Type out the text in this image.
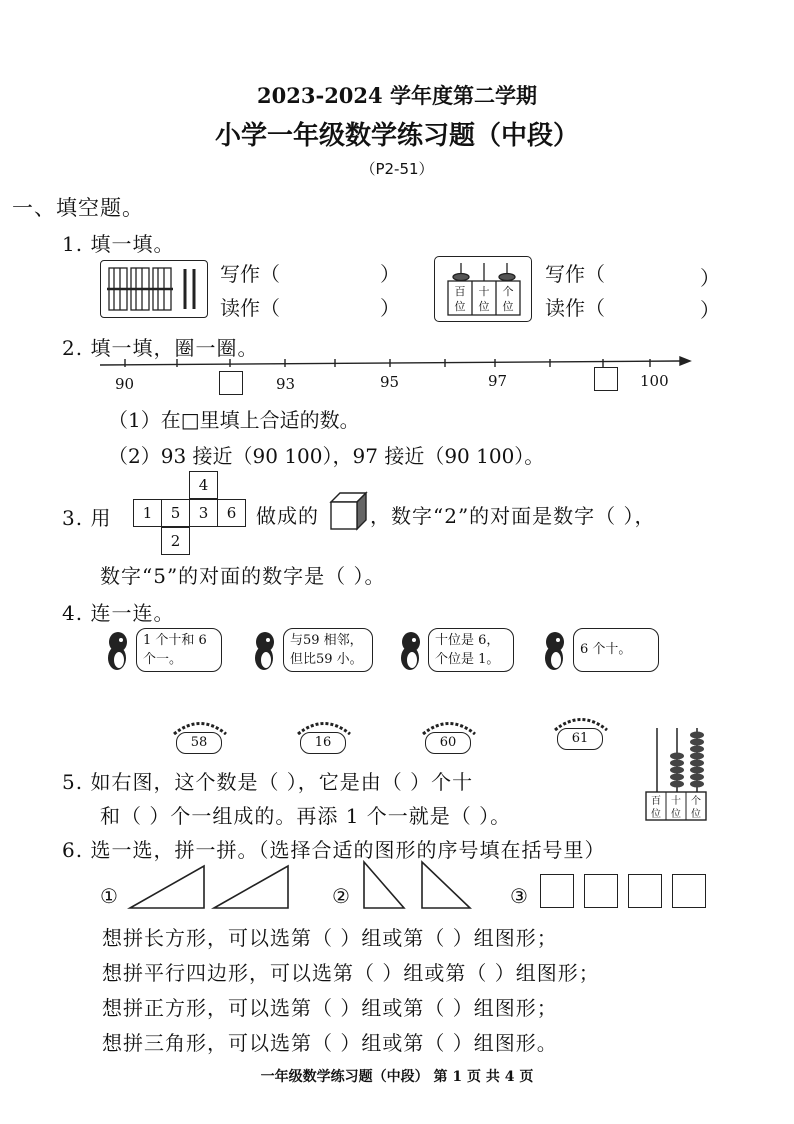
2023-2024 学年度第二学期
小学一年级数学练习题（中段）
（P2-51）
一、填空题。
1. 填一填。
写作（	）
读作（	）
百
位
十
位
个
位
写作（	）
读作（	）
2. 填一填，圈一圈。
90	93	95	97	100
（1）在□里填上合适的数。
（2）93 接近（90 100），97 接近（90 100）。
3. 用
4
1	5	3	6
2
做成的	，数字“2”的对面是数字（ ），
数字“5”的对面的数字是（ ）。
4. 连一连。
1 个十和 6
个一。
与59 相邻，
但比59 小。
十位是 6，
个位是 1。
6 个十。
58	16	60	61
5. 如右图，这个数是（ ），它是由（ ）个十
和（ ）个一组成的。再添 1 个一就是（ ）。
百
位
十
位
个
位
6. 选一选，拼一拼。（选择合适的图形的序号填在括号里）
①	②	③
想拼长方形，可以选第（ ）组或第（ ）组图形；
想拼平行四边形，可以选第（ ）组或第（ ）组图形；
想拼正方形，可以选第（ ）组或第（ ）组图形；
想拼三角形，可以选第（ ）组或第（ ）组图形。
一年级数学练习题（中段） 第 1 页 共 4 页
